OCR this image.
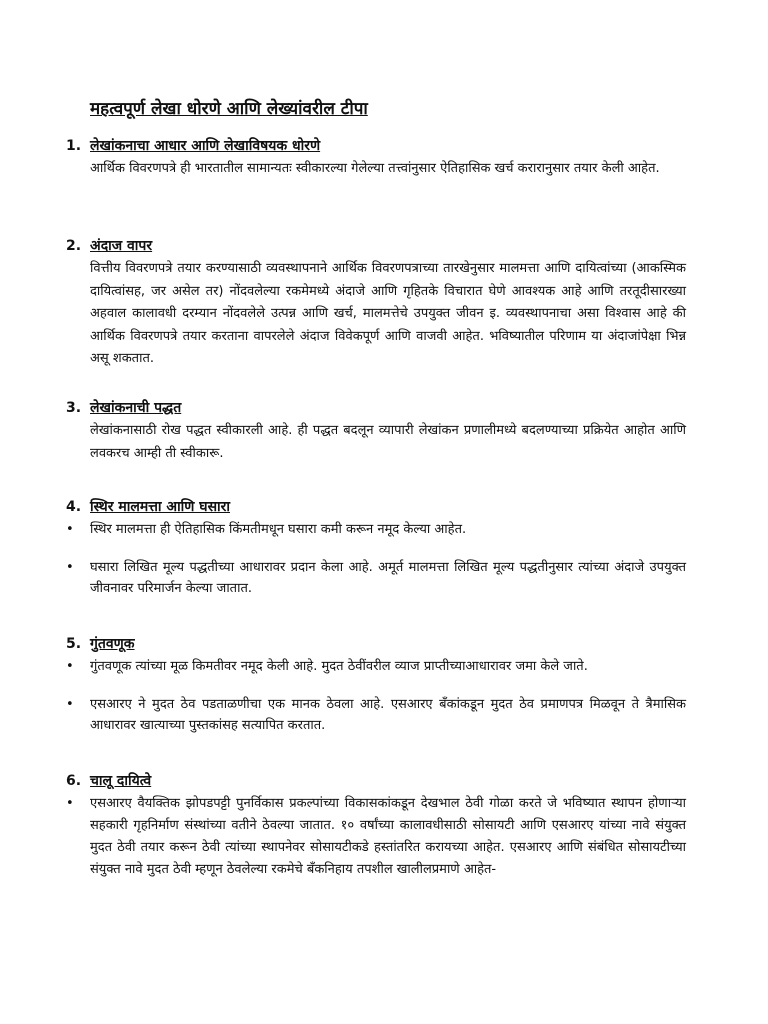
महत्वपूर्ण लेखा धोरणे आणि लेख्यांवरील टीपा
1. लेखांकनाचा आधार आणि लेखाविषयक धोरणे
आर्थिक विवरणपत्रे ही भारतातील सामान्यतः स्वीकारल्या गेलेल्या तत्त्वांनुसार ऐतिहासिक खर्च करारानुसार तयार केली आहेत.
2. अंदाज वापर
वित्तीय विवरणपत्रे तयार करण्यासाठी व्यवस्थापनाने आर्थिक विवरणपत्राच्या तारखेनुसार मालमत्ता आणि दायित्वांच्या (आकस्मिक दायित्वांसह, जर असेल तर) नोंदवलेल्या रकमेमध्ये अंदाजे आणि गृहितके विचारात घेणे आवश्यक आहे आणि तरतूदीसारख्या अहवाल कालावधी दरम्यान नोंदवलेले उत्पन्न आणि खर्च, मालमत्तेचे उपयुक्त जीवन इ. व्यवस्थापनाचा असा विश्वास आहे की आर्थिक विवरणपत्रे तयार करताना वापरलेले अंदाज विवेकपूर्ण आणि वाजवी आहेत. भविष्यातील परिणाम या अंदाजांपेक्षा भिन्न असू शकतात.
3. लेखांकनाची पद्धत
लेखांकनासाठी रोख पद्धत स्वीकारली आहे. ही पद्धत बदलून व्यापारी लेखांकन प्रणालीमध्ये बदलण्याच्या प्रक्रियेत आहोत आणि लवकरच आम्ही ती स्वीकारू.
4. स्थिर मालमत्ता आणि घसारा
•	स्थिर मालमत्ता ही ऐतिहासिक किंमतीमधून घसारा कमी करून नमूद केल्या आहेत.
•	घसारा लिखित मूल्य पद्धतीच्या आधारावर प्रदान केला आहे. अमूर्त मालमत्ता लिखित मूल्य पद्धतीनुसार त्यांच्या अंदाजे उपयुक्त जीवनावर परिमार्जन केल्या जातात.
5. गुंतवणूक
•	गुंतवणूक त्यांच्या मूळ किमतीवर नमूद केली आहे. मुदत ठेवींवरील व्याज प्राप्तीच्याआधारावर जमा केले जाते.
•	एसआरए ने मुदत ठेव पडताळणीचा एक मानक ठेवला आहे. एसआरए बँकांकडून मुदत ठेव प्रमाणपत्र मिळवून ते त्रैमासिक आधारावर खात्याच्या पुस्तकांसह सत्यापित करतात.
6. चालू दायित्वे
•	एसआरए वैयक्तिक झोपडपट्टी पुनर्विकास प्रकल्पांच्या विकासकांकडून देखभाल ठेवी गोळा करते जे भविष्यात स्थापन होणाऱ्या सहकारी गृहनिर्माण संस्थांच्या वतीने ठेवल्या जातात. १० वर्षांच्या कालावधीसाठी सोसायटी आणि एसआरए यांच्या नावे संयुक्त मुदत ठेवी तयार करून ठेवी त्यांच्या स्थापनेवर सोसायटीकडे हस्तांतरित करायच्या आहेत. एसआरए आणि संबंधित सोसायटीच्या संयुक्त नावे मुदत ठेवी म्हणून ठेवलेल्या रकमेचे बँकनिहाय तपशील खालीलप्रमाणे आहेत-
